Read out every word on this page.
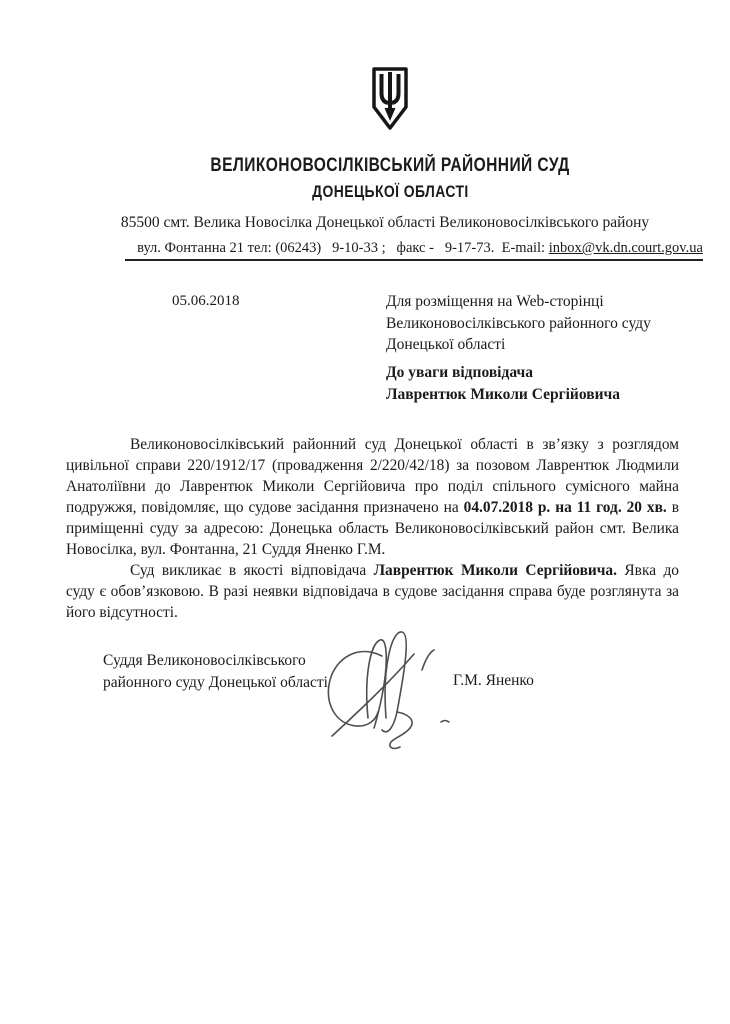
ВЕЛИКОНОВОСІЛКІВСЬКИЙ РАЙОННИЙ СУД
ДОНЕЦЬКОЇ ОБЛАСТІ
85500 смт. Велика Новосілка Донецької області Великоновосілківського району
вул. Фонтанна 21 тел: (06243)   9-10-33 ;   факс -   9-17-73.  E-mail: inbox@vk.dn.court.gov.ua
05.06.2018	Для розміщення на Web-сторінці
Великоновосілківського районного суду
Донецької області
До уваги відповідача
Лаврентюк Миколи Сергійовича

Великоновосілківський районний суд Донецької області в зв’язку з розглядом цивільної справи 220/1912/17 (провадження 2/220/42/18) за позовом Лаврентюк Людмили Анатоліївни до Лаврентюк Миколи Сергійовича про поділ спільного сумісного майна подружжя, повідомляє, що судове засідання призначено на 04.07.2018 р. на 11 год. 20 хв. в приміщенні суду за адресою: Донецька область Великоновосілківський район смт. Велика Новосілка, вул. Фонтанна, 21 Суддя Яненко Г.М.

Суд викликає в якості відповідача Лаврентюк Миколи Сергійовича. Явка до суду є обов’язковою. В разі неявки відповідача в судове засідання справа буде розглянута за його відсутності.

Суддя Великоновосілківського
районного суду Донецької області	Г.М. Яненко
